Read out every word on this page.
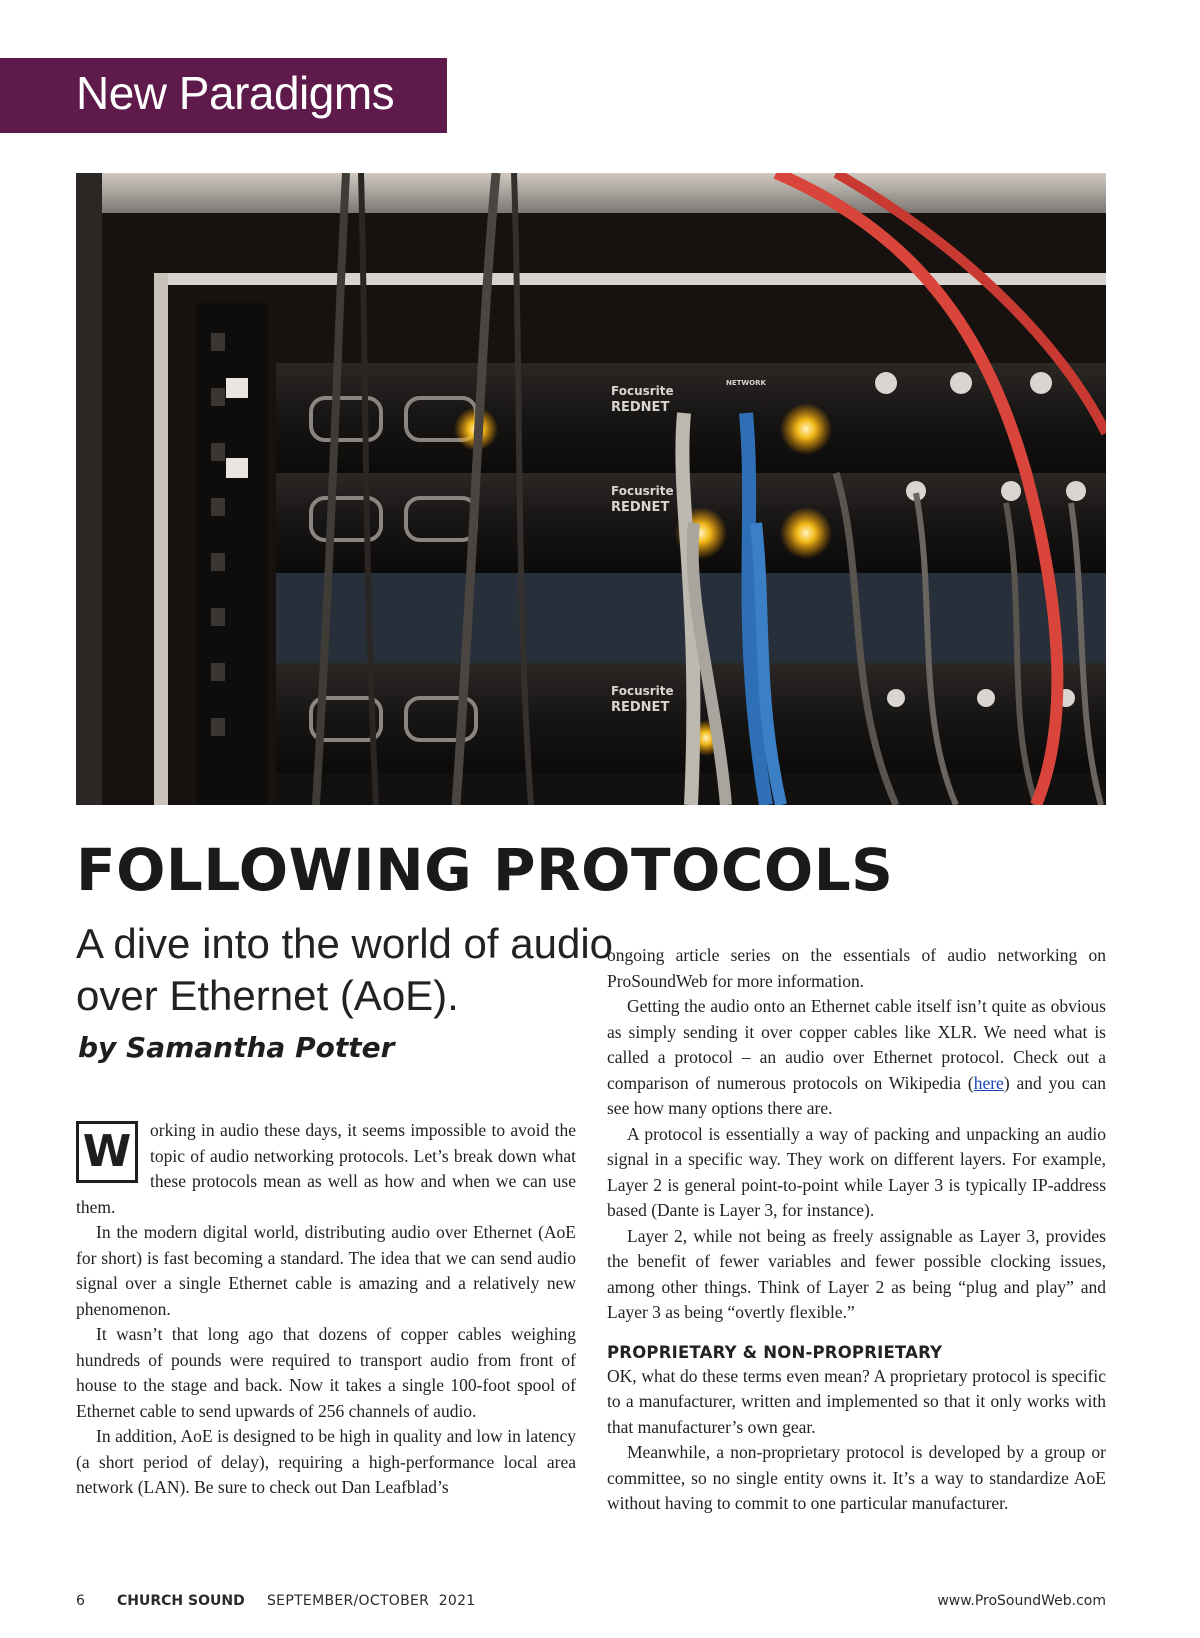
New Paradigms
Focusrite
REDNET
Focusrite
REDNET
Focusrite
REDNET
NETWORK
FOLLOWING PROTOCOLS
A dive into the world of audio over Ethernet (AoE).
by Samantha Potter

W	orking in audio these days, it seems impossible to avoid the topic of audio networking protocols. Let’s break down what these protocols mean as well as how and when we can use them.

In the modern digital world, distributing audio over Ethernet (AoE for short) is fast becoming a standard. The idea that we can send audio signal over a single Ethernet cable is amazing and a relatively new phenomenon.

It wasn’t that long ago that dozens of copper cables weighing hundreds of pounds were required to transport audio from front of house to the stage and back. Now it takes a single 100-foot spool of Ethernet cable to send upwards of 256 channels of audio.

In addition, AoE is designed to be high in quality and low in latency (a short period of delay), requiring a high-performance local area network (LAN). Be sure to check out Dan Leafblad’s

ongoing article series on the essentials of audio networking on ProSoundWeb for more information.

Getting the audio onto an Ethernet cable itself isn’t quite as obvious as simply sending it over copper cables like XLR. We need what is called a protocol – an audio over Ethernet protocol. Check out a comparison of numerous protocols on Wikipedia (here) and you can see how many options there are.

A protocol is essentially a way of packing and unpacking an audio signal in a specific way. They work on different layers. For example, Layer 2 is general point-to-point while Layer 3 is typically IP-address based (Dante is Layer 3, for instance).

Layer 2, while not being as freely assignable as Layer 3, provides the benefit of fewer variables and fewer possible clocking issues, among other things. Think of Layer 2 as being “plug and play” and Layer 3 as being “overtly flexible.”

PROPRIETARY & NON-PROPRIETARY

OK, what do these terms even mean? A proprietary protocol is specific to a manufacturer, written and implemented so that it only works with that manufacturer’s own gear.

Meanwhile, a non-proprietary protocol is developed by a group or committee, so no single entity owns it. It’s a way to standardize AoE without having to commit to one particular manufacturer.

6 CHURCH SOUND SEPTEMBER/OCTOBER  2021	www.ProSoundWeb.com
